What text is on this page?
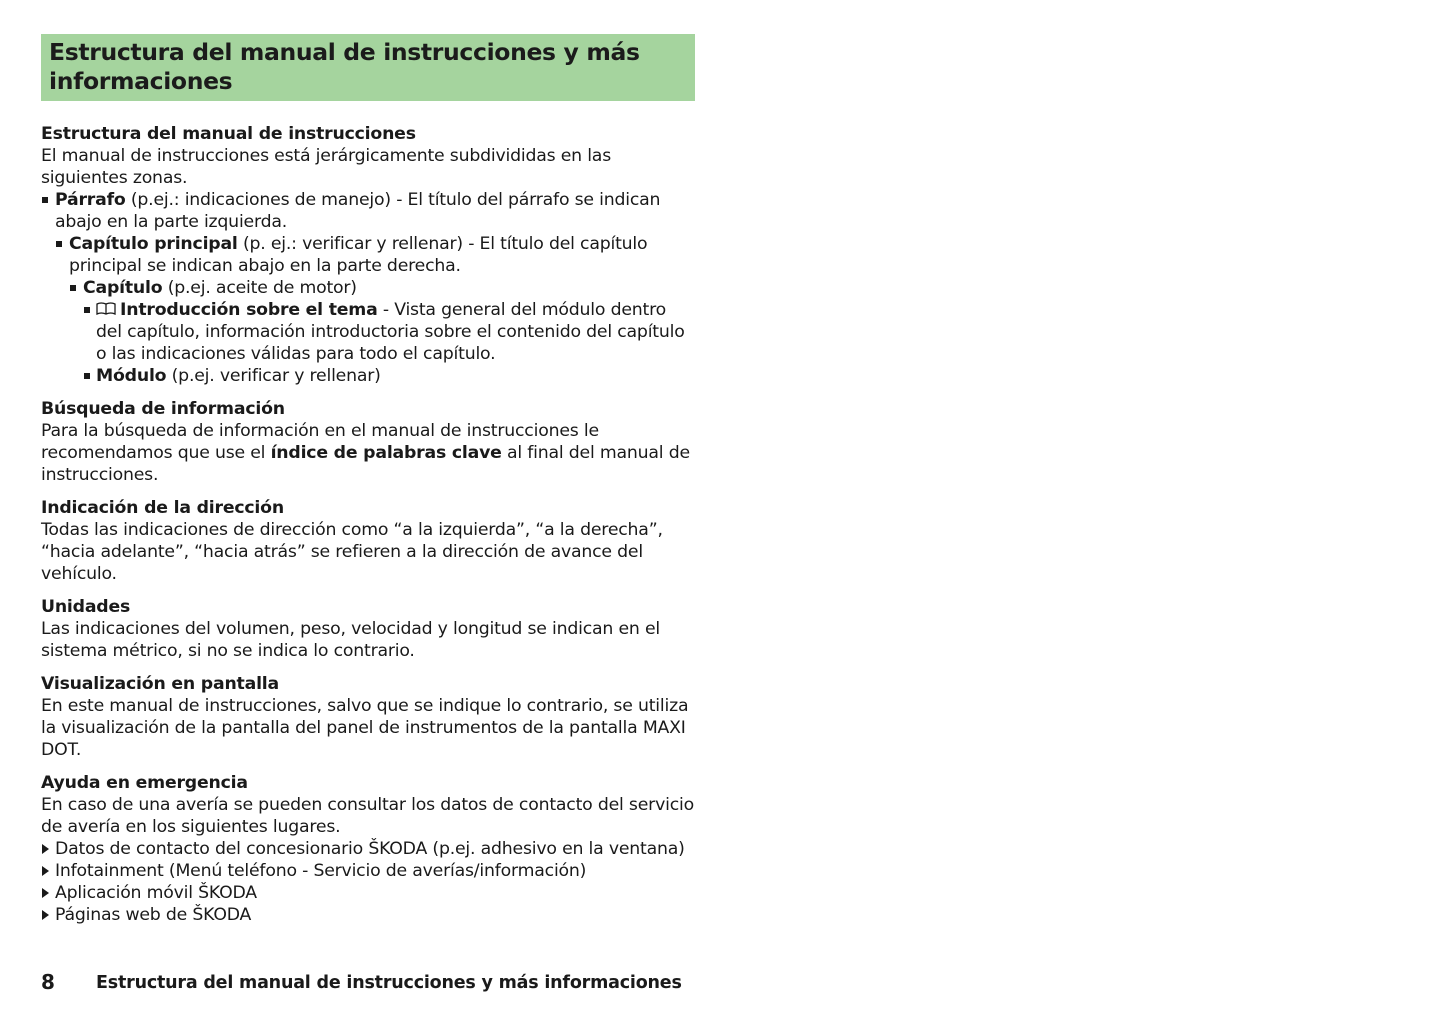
Estructura del manual de instrucciones y más
informaciones

Estructura del manual de instrucciones

El manual de instrucciones está jerárgicamente subdivididas en las siguientes zonas.

Párrafo (p.ej.: indicaciones de manejo) - El título del párrafo se indican abajo en la parte izquierda.
Capítulo principal (p. ej.: verificar y rellenar) - El título del capítulo principal se indican abajo en la parte derecha.
Capítulo (p.ej. aceite de motor)
Introducción sobre el tema - Vista general del módulo dentro del capítulo, información introductoria sobre el contenido del capítulo o las indicaciones válidas para todo el capítulo.
Módulo (p.ej. verificar y rellenar)

Búsqueda de información

Para la búsqueda de información en el manual de instrucciones le recomendamos que use el índice de palabras clave al final del manual de instrucciones.

Indicación de la dirección

Todas las indicaciones de dirección como “a la izquierda”, “a la derecha”, “hacia adelante”, “hacia atrás” se refieren a la dirección de avance del vehículo.

Unidades

Las indicaciones del volumen, peso, velocidad y longitud se indican en el sistema métrico, si no se indica lo contrario.

Visualización en pantalla

En este manual de instrucciones, salvo que se indique lo contrario, se utiliza la visualización de la pantalla del panel de instrumentos de la pantalla MAXI DOT.

Ayuda en emergencia

En caso de una avería se pueden consultar los datos de contacto del servicio de avería en los siguientes lugares.

Datos de contacto del concesionario ŠKODA (p.ej. adhesivo en la ventana)
Infotainment (Menú teléfono - Servicio de averías/información)
Aplicación móvil ŠKODA
Páginas web de ŠKODA
8 Estructura del manual de instrucciones y más informaciones
